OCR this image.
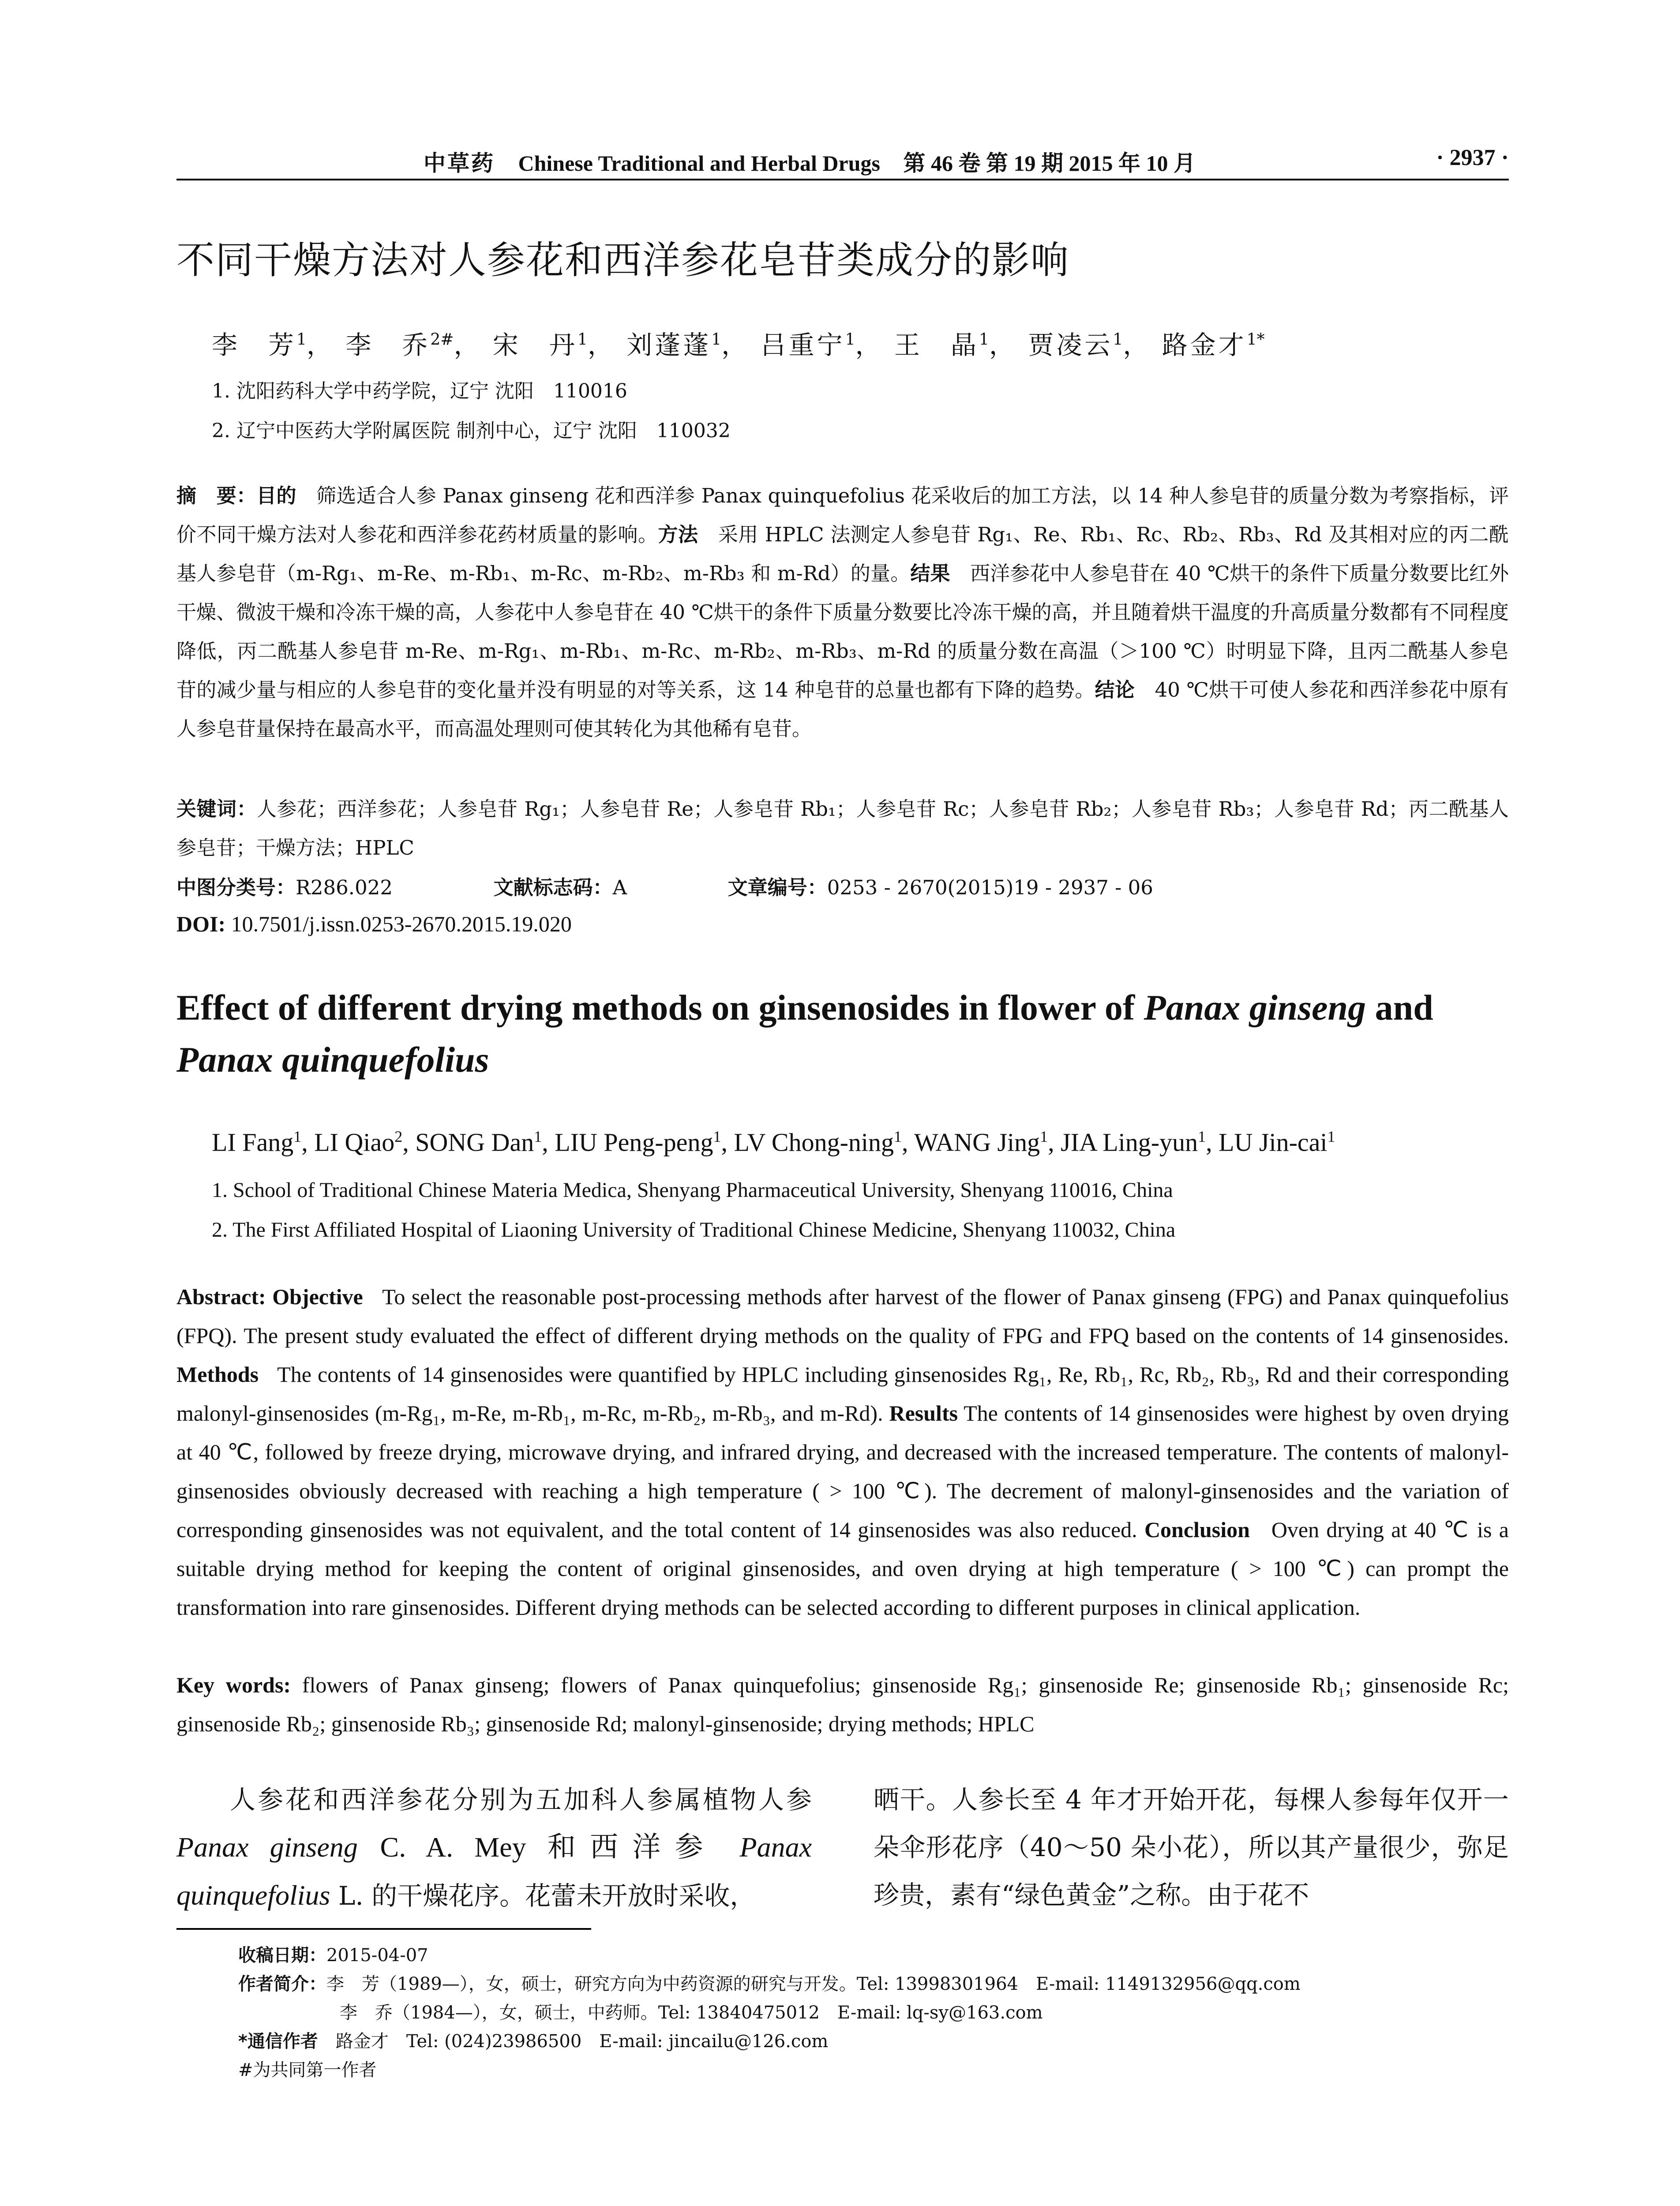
中草药 Chinese Traditional and Herbal Drugs 第 46 卷 第 19 期 2015 年 10 月	· 2937 ·
不同干燥方法对人参花和西洋参花皂苷类成分的影响
李　芳$^1$， 李　乔$^{2\#}$， 宋　丹$^1$， 刘蓬蓬$^1$， 吕重宁$^1$， 王　晶$^1$， 贾凌云$^1$， 路金才$^{1*}$
1. 沈阳药科大学中药学院，辽宁 沈阳　110016
2. 辽宁中医药大学附属医院 制剂中心，辽宁 沈阳　110032
摘　要：目的　 筛选适合人参 Panax ginseng 花和西洋参 Panax quinquefolius 花采收后的加工方法，以 14 种人参皂苷的质量分数为考察指标，评价不同干燥方法对人参花和西洋参花药材质量的影响。方法　 采用 HPLC 法测定人参皂苷 Rg₁、Re、Rb₁、Rc、Rb₂、Rb₃、Rd 及其相对应的丙二酰基人参皂苷（m-Rg₁、m-Re、m-Rb₁、m-Rc、m-Rb₂、m-Rb₃ 和 m-Rd）的量。结果　 西洋参花中人参皂苷在 40 ℃烘干的条件下质量分数要比红外干燥、微波干燥和冷冻干燥的高，人参花中人参皂苷在 40 ℃烘干的条件下质量分数要比冷冻干燥的高，并且随着烘干温度的升高质量分数都有不同程度降低，丙二酰基人参皂苷 m-Re、m-Rg₁、m-Rb₁、m-Rc、m-Rb₂、m-Rb₃、m-Rd 的质量分数在高温（＞100 ℃）时明显下降，且丙二酰基人参皂苷的减少量与相应的人参皂苷的变化量并没有明显的对等关系，这 14 种皂苷的总量也都有下降的趋势。结论　 40 ℃烘干可使人参花和西洋参花中原有人参皂苷量保持在最高水平，而高温处理则可使其转化为其他稀有皂苷。
关键词：人参花；西洋参花；人参皂苷 Rg₁；人参皂苷 Re；人参皂苷 Rb₁；人参皂苷 Rc；人参皂苷 Rb₂；人参皂苷 Rb₃；人参皂苷 Rd；丙二酰基人参皂苷；干燥方法；HPLC
中图分类号：R286.022	文献标志码：A	文章编号：0253 - 2670(2015)19 - 2937 - 06
DOI: 10.7501/j.issn.0253-2670.2015.19.020
Effect of different drying methods on ginsenosides in flower of Panax ginseng and
Panax quinquefolius
LI Fang$^1$, LI Qiao$^2$, SONG Dan$^1$, LIU Peng-peng$^1$, LV Chong-ning$^1$, WANG Jing$^1$, JIA Ling-yun$^1$, LU Jin-cai$^1$
1. School of Traditional Chinese Materia Medica, Shenyang Pharmaceutical University, Shenyang 110016, China
2. The First Affiliated Hospital of Liaoning University of Traditional Chinese Medicine, Shenyang 110032, China
Abstract: Objective To select the reasonable post-processing methods after harvest of the flower of Panax ginseng (FPG) and Panax quinquefolius (FPQ). The present study evaluated the effect of different drying methods on the quality of FPG and FPQ based on the contents of 14 ginsenosides. Methods The contents of 14 ginsenosides were quantified by HPLC including ginsenosides Rg₁, Re, Rb₁, Rc, Rb₂, Rb₃, Rd and their corresponding malonyl-ginsenosides (m-Rg₁, m-Re, m-Rb₁, m-Rc, m-Rb₂, m-Rb₃, and m-Rd). Results The contents of 14 ginsenosides were highest by oven drying at 40 ℃, followed by freeze drying, microwave drying, and infrared drying, and decreased with the increased temperature. The contents of malonyl-ginsenosides obviously decreased with reaching a high temperature ( > 100 ℃). The decrement of malonyl-ginsenosides and the variation of corresponding ginsenosides was not equivalent, and the total content of 14 ginsenosides was also reduced. Conclusion Oven drying at 40 ℃ is a suitable drying method for keeping the content of original ginsenosides, and oven drying at high temperature ( > 100 ℃) can prompt the transformation into rare ginsenosides. Different drying methods can be selected according to different purposes in clinical application.
Key words: flowers of Panax ginseng; flowers of Panax quinquefolius; ginsenoside Rg₁; ginsenoside Re; ginsenoside Rb₁; ginsenoside Rc; ginsenoside Rb₂; ginsenoside Rb₃; ginsenoside Rd; malonyl-ginsenoside; drying methods; HPLC
人参花和西洋参花分别为五加科人参属植物人参 Panax ginseng C. A. Mey 和西洋参 Panax quinquefolius L. 的干燥花序。花蕾未开放时采收，
晒干。人参长至 4 年才开始开花，每棵人参每年仅开一朵伞形花序（40～50 朵小花），所以其产量很少，弥足珍贵，素有“绿色黄金”之称。由于花不
收稿日期：2015-04-07
作者简介：李　芳（1989—），女，硕士，研究方向为中药资源的研究与开发。Tel: 13998301964　E-mail: 1149132956@qq.com
李　乔（1984—），女，硕士，中药师。Tel: 13840475012　E-mail: lq-sy@163.com
*通信作者　 路金才　Tel: (024)23986500　E-mail: jincailu@126.com
#为共同第一作者
